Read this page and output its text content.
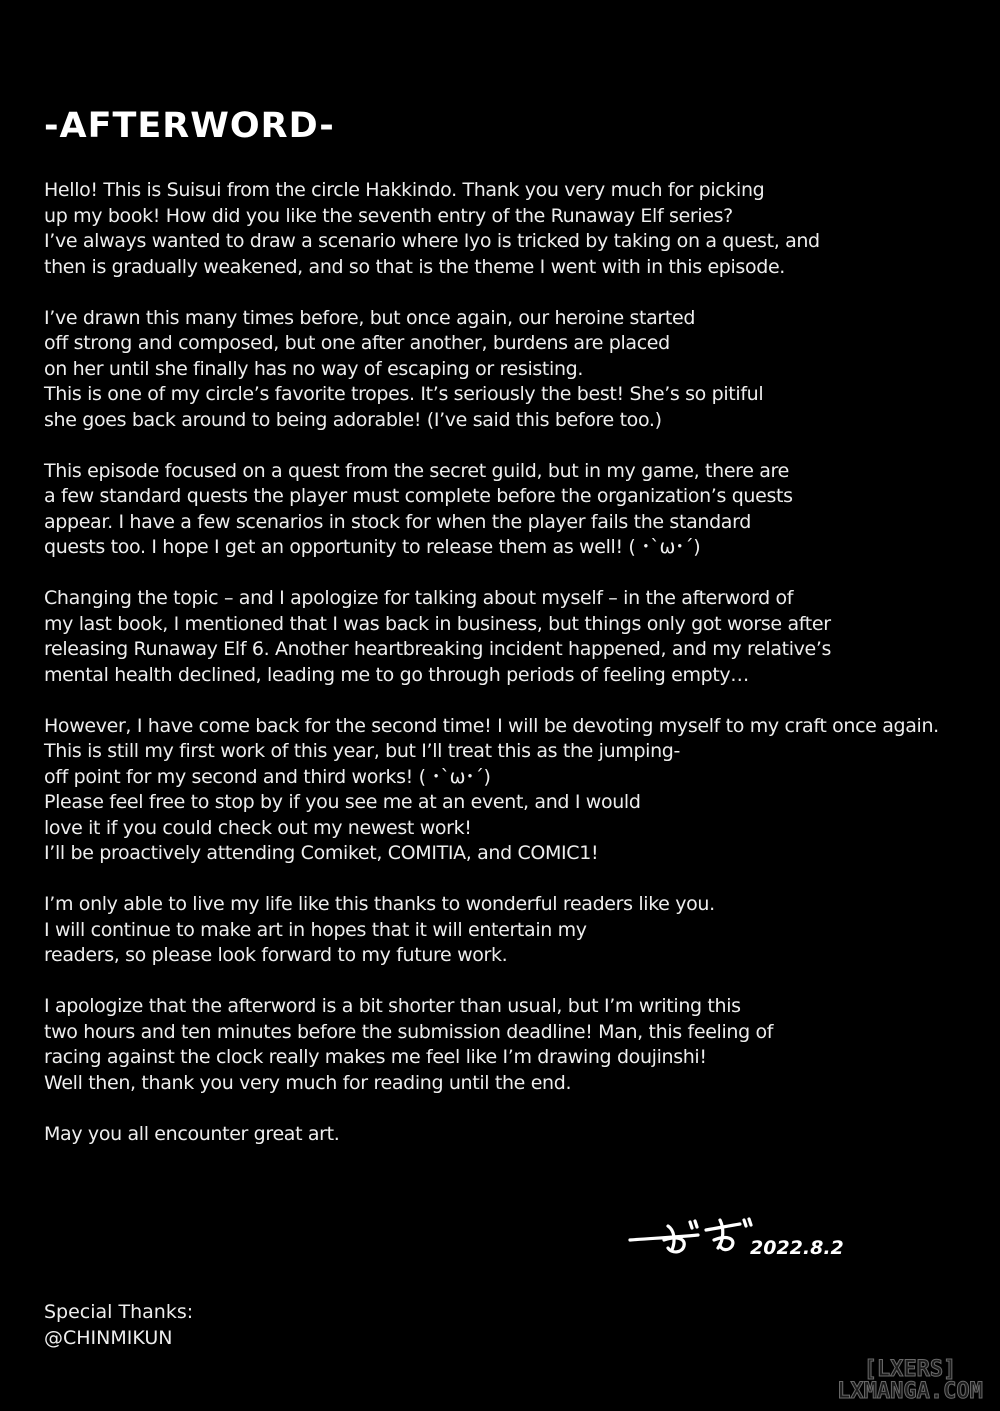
-AFTERWORD-
Hello! This is Suisui from the circle Hakkindo. Thank you very much for picking
up my book! How did you like the seventh entry of the Runaway Elf series?
I’ve always wanted to draw a scenario where Iyo is tricked by taking on a quest, and
then is gradually weakened, and so that is the theme I went with in this episode.
I’ve drawn this many times before, but once again, our heroine started
off strong and composed, but one after another, burdens are placed
on her until she finally has no way of escaping or resisting.
This is one of my circle’s favorite tropes. It’s seriously the best! She’s so pitiful
she goes back around to being adorable! (I’ve said this before too.)
This episode focused on a quest from the secret guild, but in my game, there are
a few standard quests the player must complete before the organization’s quests
appear. I have a few scenarios in stock for when the player fails the standard
quests too. I hope I get an opportunity to release them as well! ( ･`ω･´)
Changing the topic – and I apologize for talking about myself – in the afterword of
my last book, I mentioned that I was back in business, but things only got worse after
releasing Runaway Elf 6. Another heartbreaking incident happened, and my relative’s
mental health declined, leading me to go through periods of feeling empty…
However, I have come back for the second time! I will be devoting myself to my craft once again.
This is still my first work of this year, but I’ll treat this as the jumping-
off point for my second and third works! ( ･`ω･´)
Please feel free to stop by if you see me at an event, and I would
love it if you could check out my newest work!
I’ll be proactively attending Comiket, COMITIA, and COMIC1!
I’m only able to live my life like this thanks to wonderful readers like you.
I will continue to make art in hopes that it will entertain my
readers, so please look forward to my future work.
I apologize that the afterword is a bit shorter than usual, but I’m writing this
two hours and ten minutes before the submission deadline! Man, this feeling of
racing against the clock really makes me feel like I’m drawing doujinshi!
Well then, thank you very much for reading until the end.
May you all encounter great art.
2022.8.2
Special Thanks:
@CHINMIKUN
[LXERS]
LXMANGA.COM
